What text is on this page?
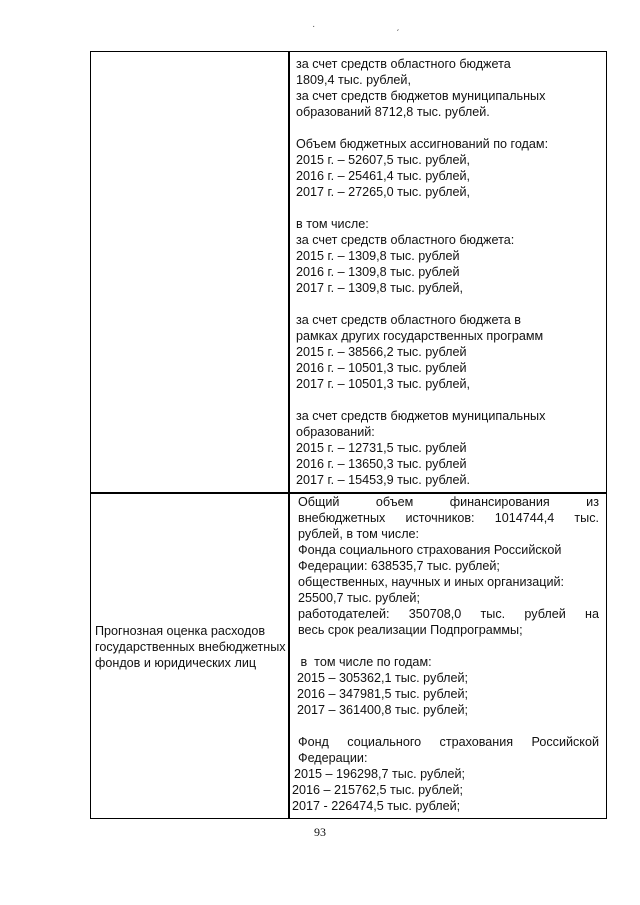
·	ˏ
за счет средств областного бюджета
1809,4 тыс. рублей,
за счет средств бюджетов муниципальных
образований 8712,8 тыс. рублей.
Объем бюджетных ассигнований по годам:
2015 г. – 52607,5 тыс. рублей,
2016 г. – 25461,4 тыс. рублей,
2017 г. – 27265,0 тыс. рублей,
в том числе:
за счет средств областного бюджета:
2015 г. – 1309,8 тыс. рублей
2016 г. – 1309,8 тыс. рублей
2017 г. – 1309,8 тыс. рублей,
за счет средств областного бюджета в
рамках других государственных программ
2015 г. – 38566,2 тыс. рублей
2016 г. – 10501,3 тыс. рублей
2017 г. – 10501,3 тыс. рублей,
за счет средств бюджетов муниципальных
образований:
2015 г. – 12731,5 тыс. рублей
2016 г. – 13650,3 тыс. рублей
2017 г. – 15453,9 тыс. рублей.
Прогнозная оценка расходов государственных внебюджетных фондов и юридических лиц
Общий объем финансирования из
внебюджетных источников: 1014744,4 тыс.
рублей, в том числе:
Фонда социального страхования Российской
Федерации: 638535,7 тыс. рублей;
общественных, научных и иных организаций:
25500,7 тыс. рублей;
работодателей: 350708,0 тыс. рублей на
весь срок реализации Подпрограммы;
в  том числе по годам:
2015 – 305362,1 тыс. рублей;
2016 – 347981,5 тыс. рублей;
2017 – 361400,8 тыс. рублей;
Фонд социального страхования Российской
Федерации:
2015 – 196298,7 тыс. рублей;
2016 – 215762,5 тыс. рублей;
2017 - 226474,5 тыс. рублей;
93
